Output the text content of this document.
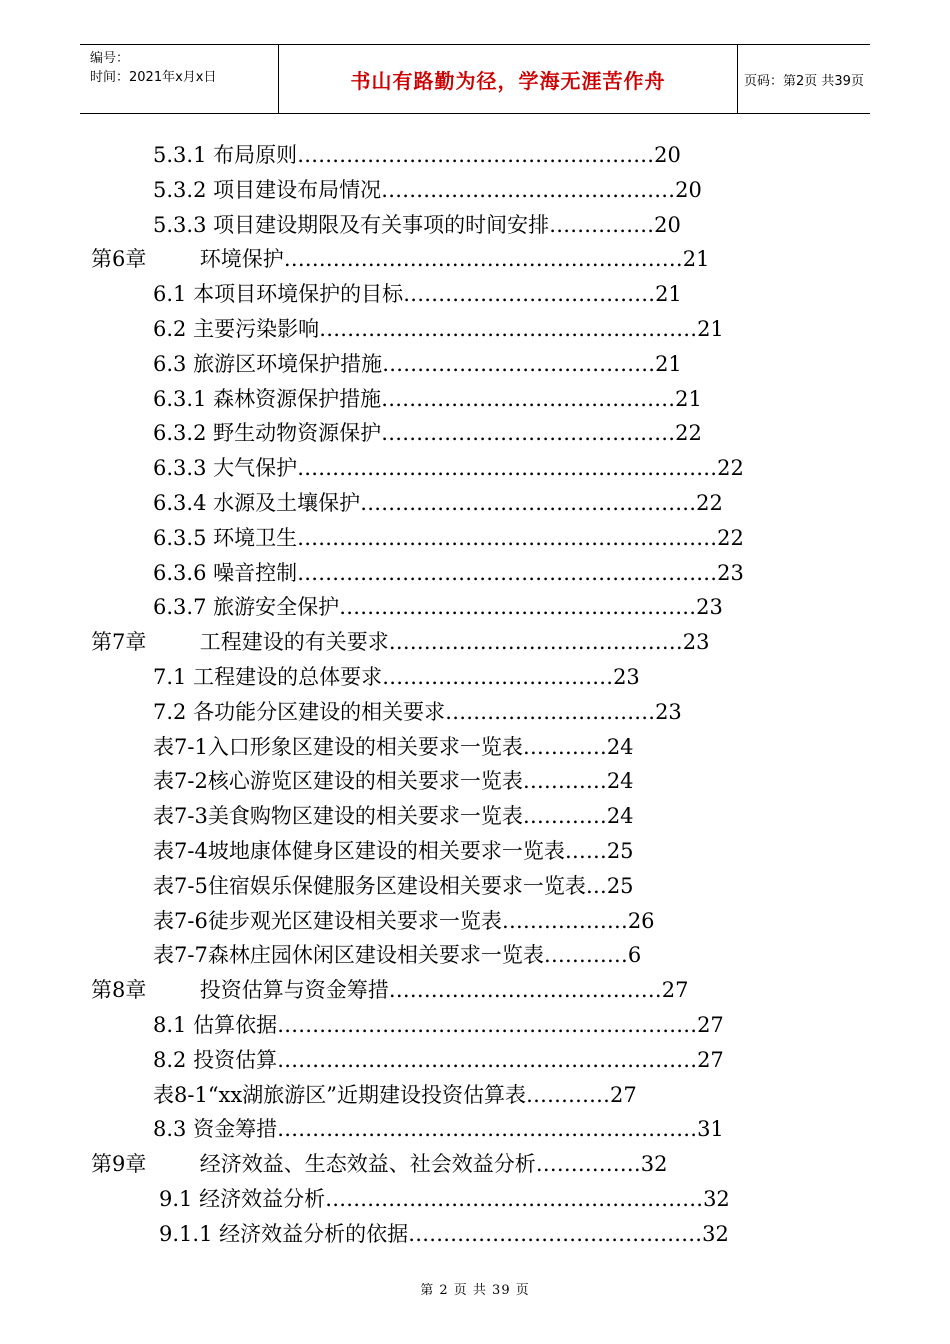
编号：
时间：2021年x月x日	书山有路勤为径，学海无涯苦作舟	页码：第2页 共39页
5.3.1 布局原则……………………………………………20
5.3.2 项目建设布局情况……………………………………20
5.3.3 项目建设期限及有关事项的时间安排……………20
第6章        环境保护…………………………………………………21
6.1 本项目环境保护的目标………………………………21
6.2 主要污染影响………………………………………………21
6.3 旅游区环境保护措施…………………………………21
6.3.1 森林资源保护措施……………………………………21
6.3.2 野生动物资源保护……………………………………22
6.3.3 大气保护……………………………………………………22
6.3.4 水源及土壤保护…………………………………………22
6.3.5 环境卫生……………………………………………………22
6.3.6 噪音控制……………………………………………………23
6.3.7 旅游安全保护……………………………………………23
第7章        工程建设的有关要求……………………………………23
7.1 工程建设的总体要求……………………………23
7.2 各功能分区建设的相关要求…………………………23
表7-1入口形象区建设的相关要求一览表…………24
表7-2核心游览区建设的相关要求一览表…………24
表7-3美食购物区建设的相关要求一览表…………24
表7-4坡地康体健身区建设的相关要求一览表……25
表7-5住宿娱乐保健服务区建设相关要求一览表…25
表7-6徒步观光区建设相关要求一览表………………26
表7-7森林庄园休闲区建设相关要求一览表…………6
第8章        投资估算与资金筹措…………………………………27
8.1 估算依据……………………………………………………27
8.2 投资估算……………………………………………………27
表8-1“xx湖旅游区”近期建设投资估算表…………27
8.3 资金筹措……………………………………………………31
第9章        经济效益、生态效益、社会效益分析……………32
9.1 经济效益分析………………………………………………32
9.1.1 经济效益分析的依据……………………………………32
第 2 页 共 39 页
